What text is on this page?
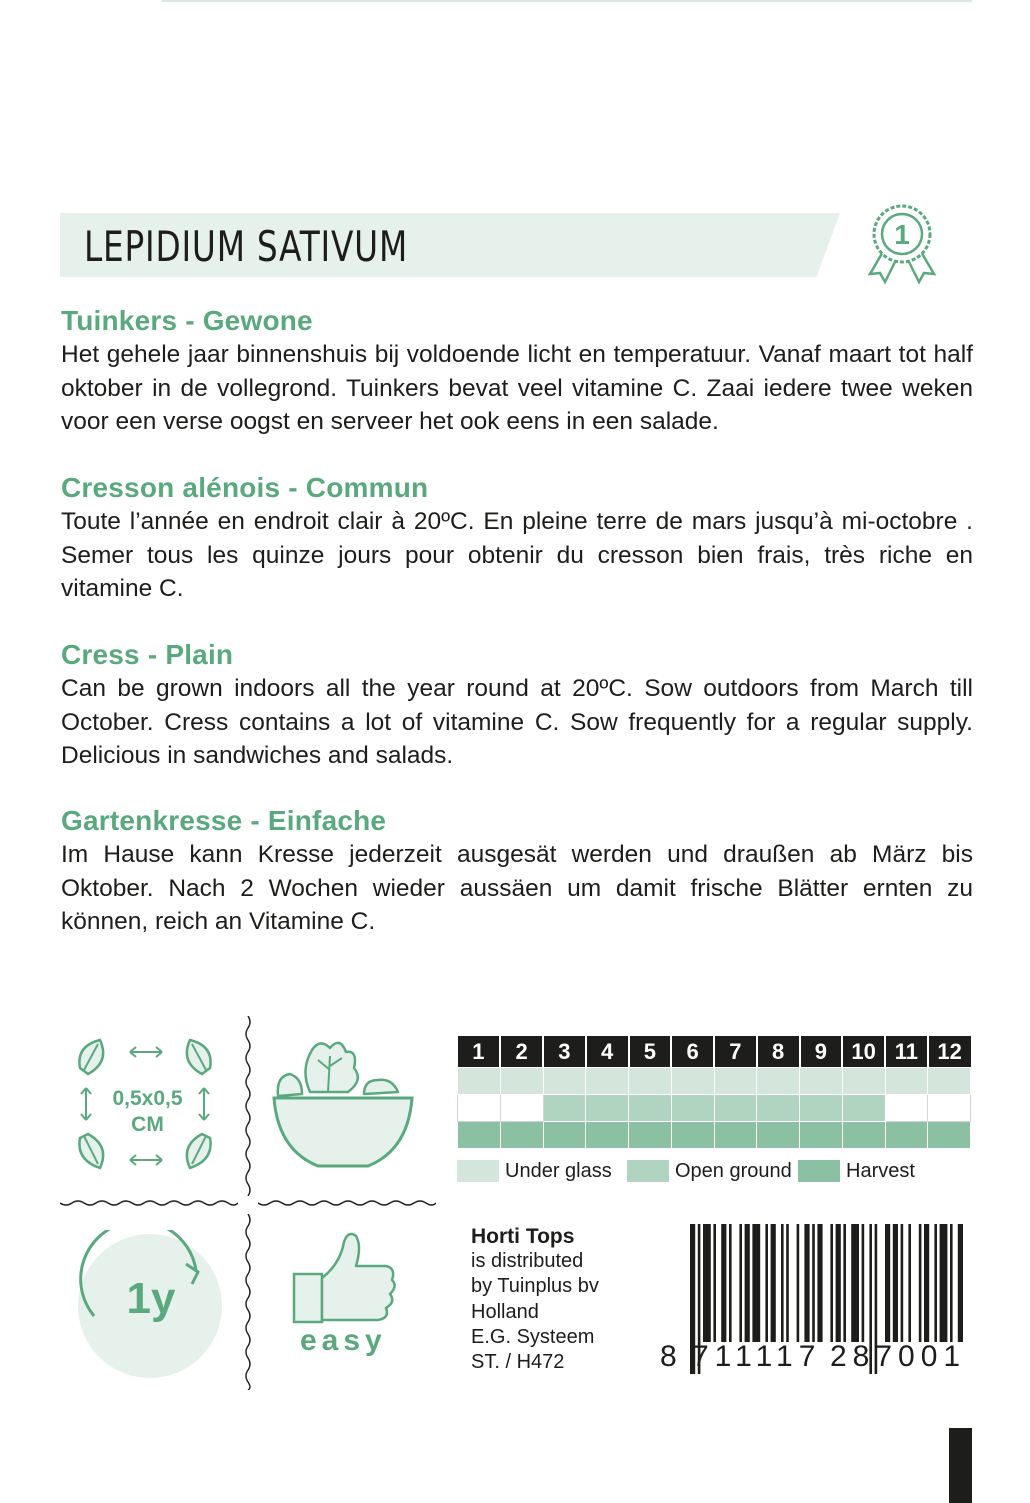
LEPIDIUM SATIVUM	1
Tuinkers - Gewone

Het gehele jaar binnenshuis bij voldoende licht en temperatuur. Vanaf maart tot half oktober in de vollegrond. Tuinkers bevat veel vitamine C. Zaai iedere twee weken voor een verse oogst en serveer het ook eens in een salade.

Cresson alénois - Commun

Toute l’année en endroit clair à 20ºC. En pleine terre de mars jusqu’à mi-octobre . Semer tous les quinze jours pour obtenir du cresson bien frais, très riche en vitamine C.

Cress - Plain

Can be grown indoors all the year round at 20ºC. Sow outdoors from March till October. Cress contains a lot of vitamine C. Sow frequently for a regular supply. Delicious in sandwiches and salads.

Gartenkresse - Einfache

Im Hause kann Kresse jederzeit ausgesät werden und draußen ab März bis Oktober. Nach 2 Wochen wieder aussäen um damit frische Blätter ernten zu können, reich an Vitamine C.

0,5x0,5
CM
1y
easy
1	2	3	4	5	6	7	8	9	10	11	12

Under glass	Open ground	Harvest
Horti Tops
is distributed
by Tuinplus bv
Holland
E.G. Systeem
ST. / H472	8 711117 287001
